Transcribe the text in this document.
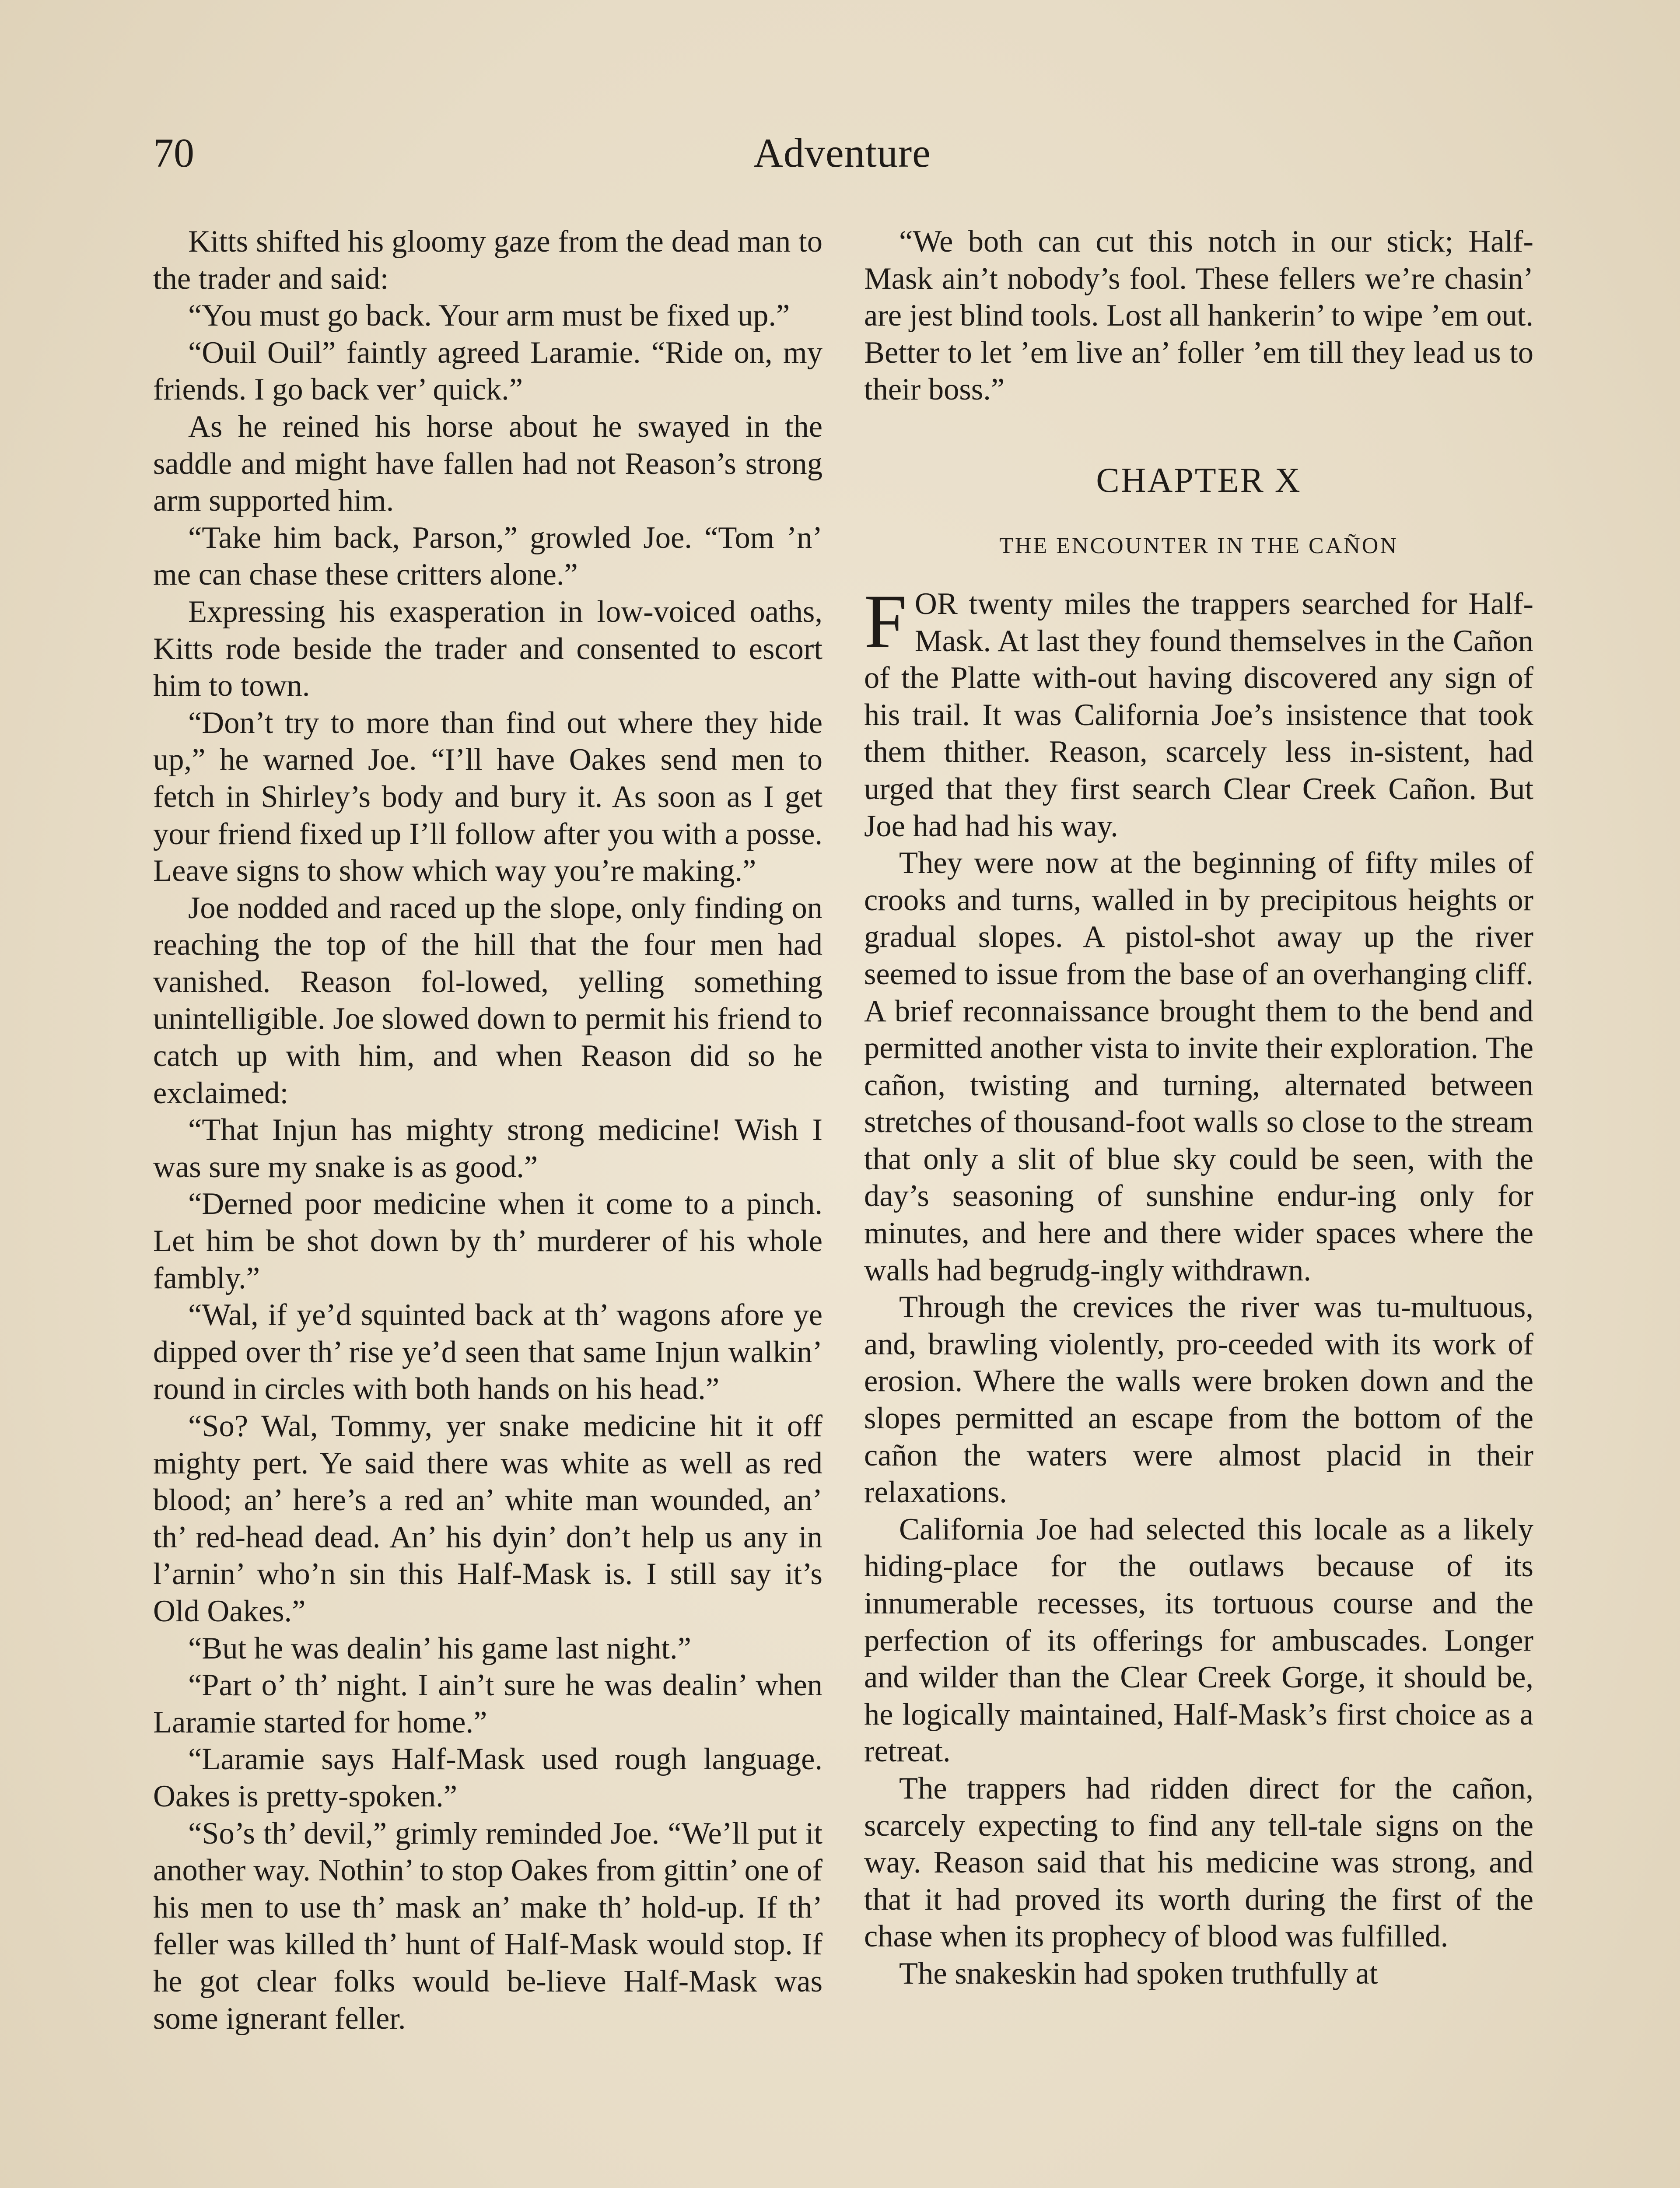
70	Adventure

Kitts shifted his gloomy gaze from the dead man to the trader and said:

“You must go back. Your arm must be fixed up.”

“Ouil Ouil” faintly agreed Laramie. “Ride on, my friends. I go back ver’ quick.”

As he reined his horse about he swayed in the saddle and might have fallen had not Reason’s strong arm supported him.

“Take him back, Parson,” growled Joe. “Tom ’n’ me can chase these critters alone.”

Expressing his exasperation in low-voiced oaths, Kitts rode beside the trader and consented to escort him to town.

“Don’t try to more than find out where they hide up,” he warned Joe. “I’ll have Oakes send men to fetch in Shirley’s body and bury it. As soon as I get your friend fixed up I’ll follow after you with a posse. Leave signs to show which way you’re making.”

Joe nodded and raced up the slope, only finding on reaching the top of the hill that the four men had vanished. Reason fol-lowed, yelling something unintelligible. Joe slowed down to permit his friend to catch up with him, and when Reason did so he exclaimed:

“That Injun has mighty strong medicine! Wish I was sure my snake is as good.”

“Derned poor medicine when it come to a pinch. Let him be shot down by th’ murderer of his whole fambly.”

“Wal, if ye’d squinted back at th’ wagons afore ye dipped over th’ rise ye’d seen that same Injun walkin’ round in circles with both hands on his head.”

“So? Wal, Tommy, yer snake medicine hit it off mighty pert. Ye said there was white as well as red blood; an’ here’s a red an’ white man wounded, an’ th’ red-head dead. An’ his dyin’ don’t help us any in l’arnin’ who’n sin this Half-Mask is. I still say it’s Old Oakes.”

“But he was dealin’ his game last night.”

“Part o’ th’ night. I ain’t sure he was dealin’ when Laramie started for home.”

“Laramie says Half-Mask used rough language. Oakes is pretty-spoken.”

“So’s th’ devil,” grimly reminded Joe. “We’ll put it another way. Nothin’ to stop Oakes from gittin’ one of his men to use th’ mask an’ make th’ hold-up. If th’ feller was killed th’ hunt of Half-Mask would stop. If he got clear folks would be-lieve Half-Mask was some ignerant feller.

“We both can cut this notch in our stick; Half-Mask ain’t nobody’s fool. These fellers we’re chasin’ are jest blind tools. Lost all hankerin’ to wipe ’em out. Better to let ’em live an’ foller ’em till they lead us to their boss.”

CHAPTER X
THE ENCOUNTER IN THE CAÑON

FOR twenty miles the trappers searched for Half-Mask. At last they found themselves in the Cañon of the Platte with-out having discovered any sign of his trail. It was California Joe’s insistence that took them thither. Reason, scarcely less in-sistent, had urged that they first search Clear Creek Cañon. But Joe had had his way.

They were now at the beginning of fifty miles of crooks and turns, walled in by precipitous heights or gradual slopes. A pistol-shot away up the river seemed to issue from the base of an overhanging cliff. A brief reconnaissance brought them to the bend and permitted another vista to invite their exploration. The cañon, twisting and turning, alternated between stretches of thousand-foot walls so close to the stream that only a slit of blue sky could be seen, with the day’s seasoning of sunshine endur-ing only for minutes, and here and there wider spaces where the walls had begrudg-ingly withdrawn.

Through the crevices the river was tu-multuous, and, brawling violently, pro-ceeded with its work of erosion. Where the walls were broken down and the slopes permitted an escape from the bottom of the cañon the waters were almost placid in their relaxations.

California Joe had selected this locale as a likely hiding-place for the outlaws because of its innumerable recesses, its tortuous course and the perfection of its offerings for ambuscades. Longer and wilder than the Clear Creek Gorge, it should be, he logically maintained, Half-Mask’s first choice as a retreat.

The trappers had ridden direct for the cañon, scarcely expecting to find any tell-tale signs on the way. Reason said that his medicine was strong, and that it had proved its worth during the first of the chase when its prophecy of blood was fulfilled.

The snakeskin had spoken truthfully at
